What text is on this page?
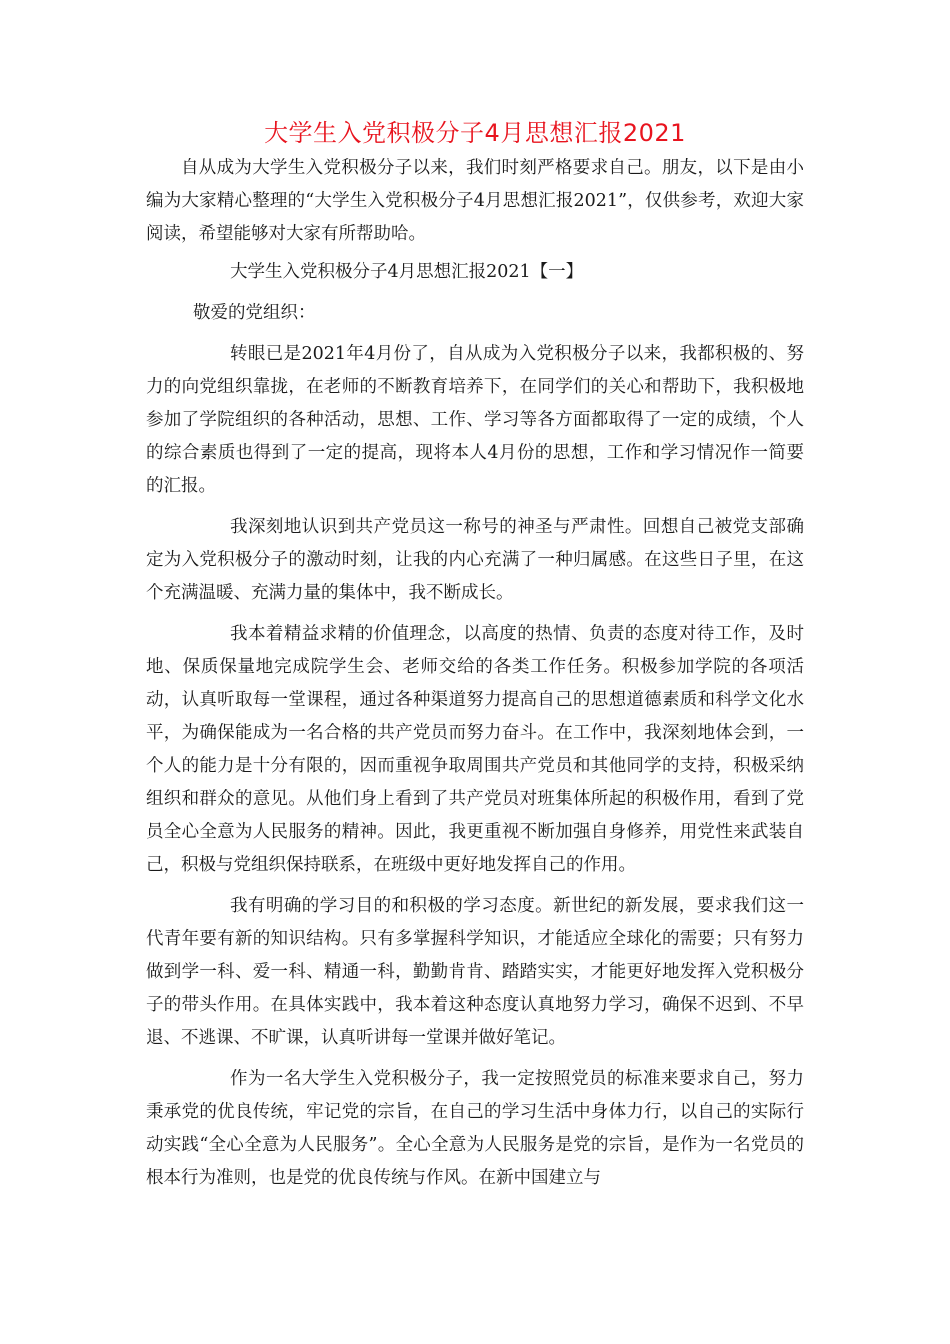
大学生入党积极分子4月思想汇报2021

自从成为大学生入党积极分子以来，我们时刻严格要求自己。朋友，以下是由小编为大家精心整理的“大学生入党积极分子4月思想汇报2021”，仅供参考，欢迎大家阅读，希望能够对大家有所帮助哈。

大学生入党积极分子4月思想汇报2021【一】

敬爱的党组织：

转眼已是2021年4月份了，自从成为入党积极分子以来，我都积极的、努力的向党组织靠拢，在老师的不断教育培养下，在同学们的关心和帮助下，我积极地参加了学院组织的各种活动，思想、工作、学习等各方面都取得了一定的成绩，个人的综合素质也得到了一定的提高，现将本人4月份的思想，工作和学习情况作一简要的汇报。

我深刻地认识到共产党员这一称号的神圣与严肃性。回想自己被党支部确定为入党积极分子的激动时刻，让我的内心充满了一种归属感。在这些日子里，在这个充满温暖、充满力量的集体中，我不断成长。

我本着精益求精的价值理念，以高度的热情、负责的态度对待工作，及时地、保质保量地完成院学生会、老师交给的各类工作任务。积极参加学院的各项活动，认真听取每一堂课程，通过各种渠道努力提高自己的思想道德素质和科学文化水平，为确保能成为一名合格的共产党员而努力奋斗。在工作中，我深刻地体会到，一个人的能力是十分有限的，因而重视争取周围共产党员和其他同学的支持，积极采纳组织和群众的意见。从他们身上看到了共产党员对班集体所起的积极作用，看到了党员全心全意为人民服务的精神。因此，我更重视不断加强自身修养，用党性来武装自己，积极与党组织保持联系，在班级中更好地发挥自己的作用。

我有明确的学习目的和积极的学习态度。新世纪的新发展，要求我们这一代青年要有新的知识结构。只有多掌握科学知识，才能适应全球化的需要；只有努力做到学一科、爱一科、精通一科，勤勤肯肯、踏踏实实，才能更好地发挥入党积极分子的带头作用。在具体实践中，我本着这种态度认真地努力学习，确保不迟到、不早退、不逃课、不旷课，认真听讲每一堂课并做好笔记。

作为一名大学生入党积极分子，我一定按照党员的标准来要求自己，努力秉承党的优良传统，牢记党的宗旨，在自己的学习生活中身体力行，以自己的实际行动实践“全心全意为人民服务”。全心全意为人民服务是党的宗旨，是作为一名党员的根本行为准则，也是党的优良传统与作风。在新中国建立与
